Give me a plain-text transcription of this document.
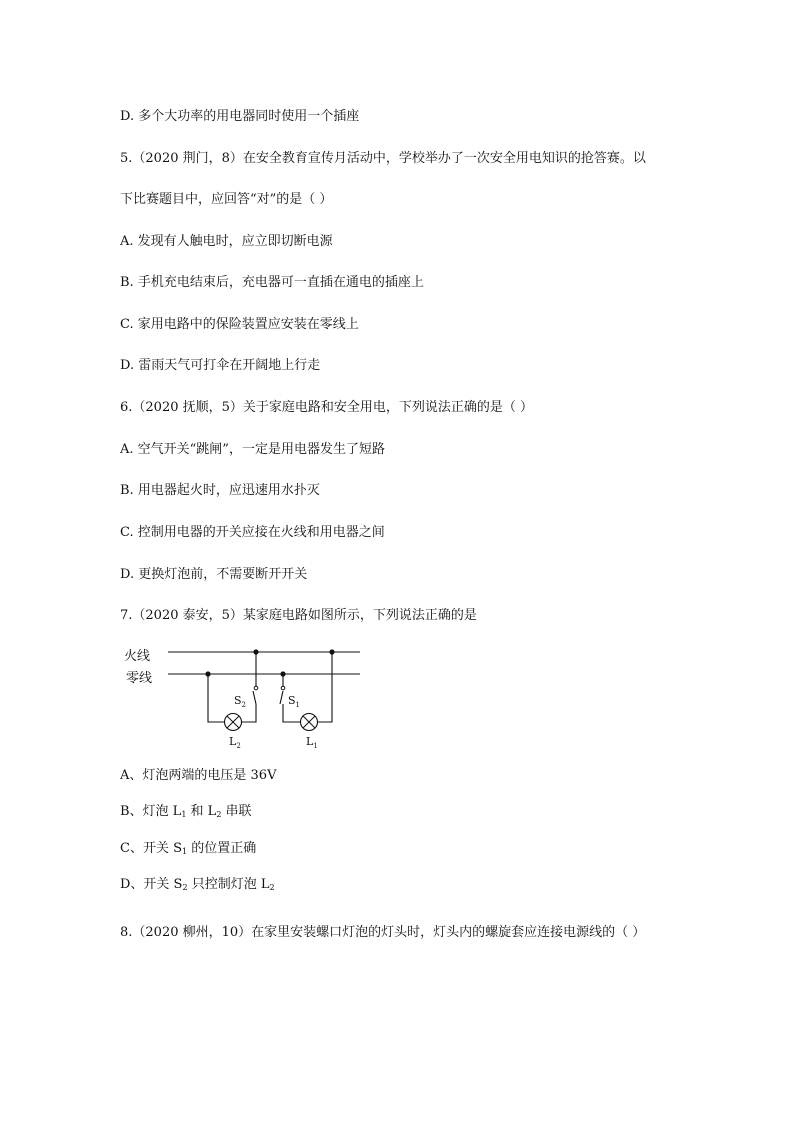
D. 多个大功率的用电器同时使用一个插座
5.（2020 荆门，8）在安全教育宣传月活动中，学校举办了一次安全用电知识的抢答赛。以
下比赛题目中，应回答“对”的是（ ）
A. 发现有人触电时，应立即切断电源
B. 手机充电结束后，充电器可一直插在通电的插座上
C. 家用电路中的保险装置应安装在零线上
D. 雷雨天气可打伞在开阔地上行走
6.（2020 抚顺，5）关于家庭电路和安全用电，下列说法正确的是（ ）
A. 空气开关“跳闸”，一定是用电器发生了短路
B. 用电器起火时，应迅速用水扑灭
C. 控制用电器的开关应接在火线和用电器之间
D. 更换灯泡前，不需要断开开关
7.（2020 泰安，5）某家庭电路如图所示，下列说法正确的是
火线
零线
$S_2$	$S_1$
$L_2$	$L_1$
A、灯泡两端的电压是 36V
B、灯泡 $L_1$ 和 $L_2$ 串联
C、开关 $S_1$ 的位置正确
D、开关 $S_2$ 只控制灯泡 $L_2$
8.（2020 柳州，10）在家里安装螺口灯泡的灯头时，灯头内的螺旋套应连接电源线的（ ）
